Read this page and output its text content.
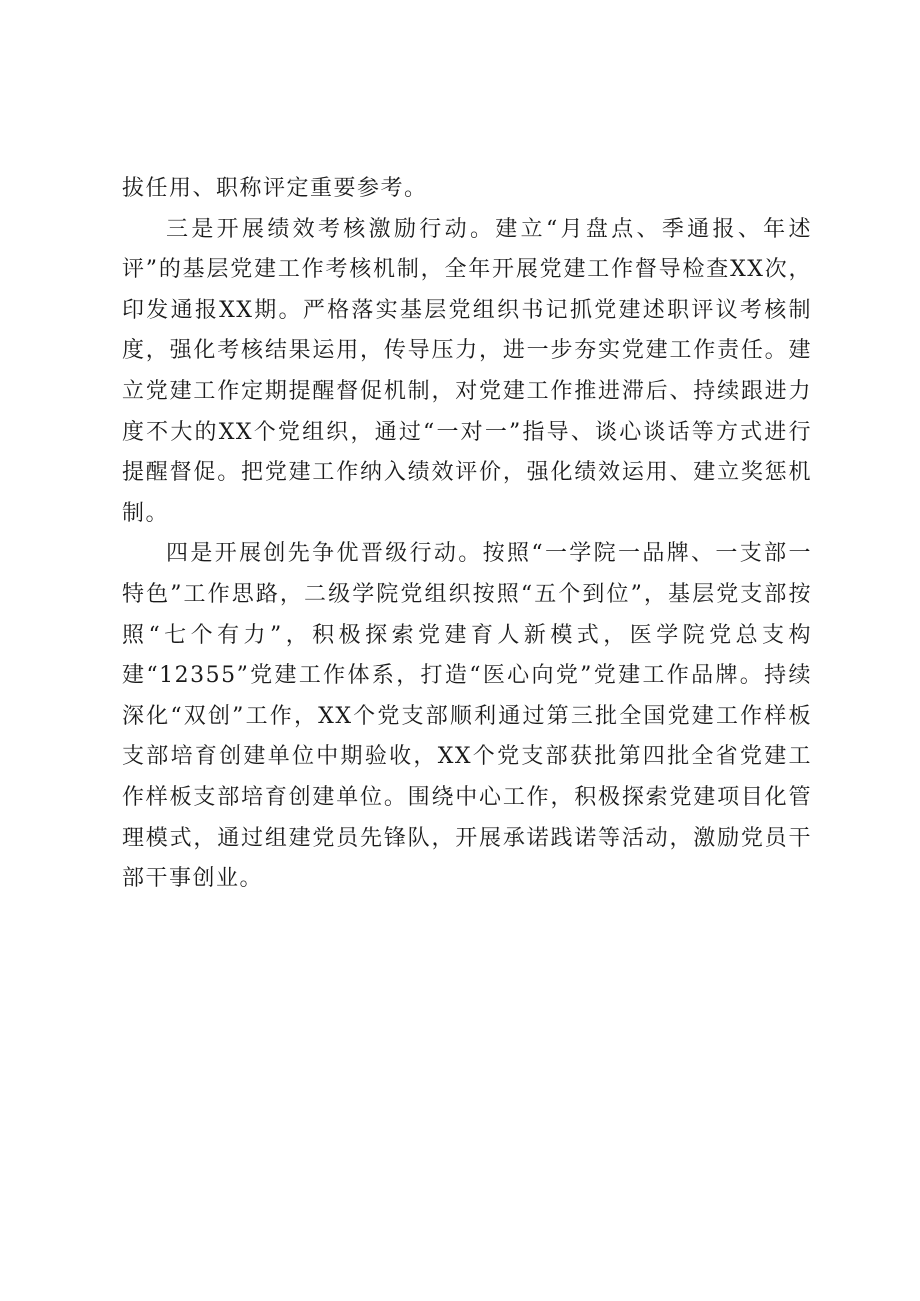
拔任用、职称评定重要参考。

三是开展绩效考核激励行动。建立“月盘点、季通报、年述评”的基层党建工作考核机制，全年开展党建工作督导检查XX次，印发通报XX期。严格落实基层党组织书记抓党建述职评议考核制度，强化考核结果运用，传导压力，进一步夯实党建工作责任。建立党建工作定期提醒督促机制，对党建工作推进滞后、持续跟进力度不大的XX个党组织，通过“一对一”指导、谈心谈话等方式进行提醒督促。把党建工作纳入绩效评价，强化绩效运用、建立奖惩机制。

四是开展创先争优晋级行动。按照“一学院一品牌、一支部一特色”工作思路，二级学院党组织按照“五个到位”，基层党支部按照“七个有力”，积极探索党建育人新模式，医学院党总支构建“12355”党建工作体系，打造“医心向党”党建工作品牌。持续深化“双创”工作，XX个党支部顺利通过第三批全国党建工作样板支部培育创建单位中期验收，XX个党支部获批第四批全省党建工作样板支部培育创建单位。围绕中心工作，积极探索党建项目化管理模式，通过组建党员先锋队，开展承诺践诺等活动，激励党员干部干事创业。
